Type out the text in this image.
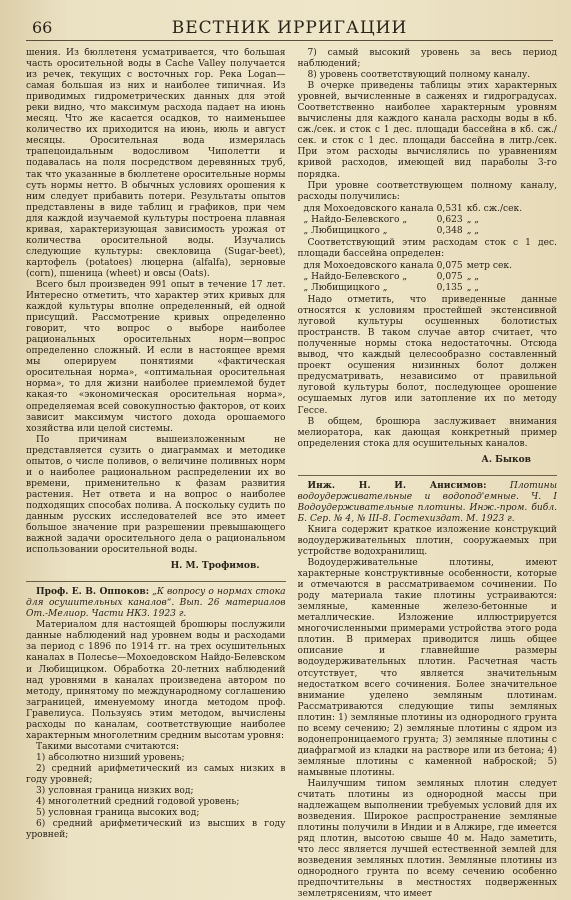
66	ВЕСТНИК ИРРИГАЦИИ

шения. Из бюллетеня усматривается, что большая часть оросительной воды в Cache Valley получается из речек, текущих с восточных гор. Река Logan—самая большая из них и наиболее типичная. Из приводимых гидрометрических данных для этой реки видно, что максимум расхода падает на июнь месяц. Что же касается осадков, то наименьшее количество их приходится на июнь, июль и август месяцы. Оросительная вода измерялась трапецоидальным водосливом Чиполетти и подавалась на поля посредством деревянных труб, так что указанные в бюллетене оросительные нормы суть нормы нетто. В обычных условиях орошения к ним следует прибавить потери. Результаты опытов представлены в виде таблиц и графиков, при чем для каждой изучаемой культуры построена плавная кривая, характеризующая зависимость урожая от количества оросительной воды. Изучались следующие культуры: свекловица (Sugar-beet), картофель (potatoes) люцерна (alfalfa), зерновые (corn), пшеница (wheet) и овсы (Oats).

Всего был произведен 991 опыт в течение 17 лет. Интересно отметить, что характер этих кривых для каждой культуры вполне определенный, ей одной присущий. Рассмотрение кривых определенно говорит, что вопрос о выборе наиболее рациональных оросительных норм—вопрос определенно сложный. И если в настоящее время мы оперируем понятиями «фактическая оросительная норма», «оптимальная оросительная норма», то для жизни наиболее приемлемой будет какая-то «экономическая оросительная норма», определяемая всей совокупностью факторов, от коих зависит максимум чистого дохода орошаемого хозяйства или целой системы.

По причинам вышеизложенным не представляется сузить о диаграммах и методике опытов, о числе поливов, о величине поливных норм и о наиболее рациональном распределении их во времени, применительно к фазам развития растения. Нет ответа и на вопрос о наиболее подходящих способах полива. А поскольку судить по данным русских исследователей все это имеет большое значение при разрешении превышающего важной задачи оросительного дела о рациональном использовании оросительной воды.

Н. М. Трофимов.

Проф. Е. В. Оппоков: „К вопросу о нормах стока для осушительных каналов“. Вып. 26 материалов От.-Мелиор. Части НКЗ. 1923 г.

Материалом для настоящей брошюры послужили данные наблюдений над уровнем воды и расходами за период с 1896 по 1914 гг. на трех осушительных каналах в Полесье—Мохоедовском Найдо-Белевском и Любищицком. Обработка 20-летних наблюдений над уровнями в каналах произведена автором по методу, принятому по международному соглашению заграницей, именуемому иногда методом проф. Гравелиуса. Пользуясь этим методом, вычислены расходы по каналам, соответствующие наиболее характерным многолетним средним высотам уровня:

Такими высотами считаются:

1) абсолютно низший уровень;
2) средний арифметический из самых низких в году уровней;
3) условная граница низких вод;
4) многолетний средний годовой уровень;
5) условная граница высоких вод;
6) средний арифметический из высших в году уровней;
7) самый высокий уровень за весь период наблюдений;
8) уровень соответствующий полному каналу.

В очерке приведены таблицы этих характерных уровней, вычисленные в саженях и гидроградусах. Соответственно наиболее характерным уровням вычислены для каждого канала расходы воды в кб. сж./сек. и сток с 1 дес. площади бассейна в кб. сж./сек. и сток с 1 дес. площади бассейна в литр./сек. При этом расходы вычислялись по уравнениям кривой расходов, имеющей вид параболы 3-го порядка.

При уровне соответствующем полному каналу, расходы получились:

для Мохоедовского канала	0,531	кб. сж./сек.
„ Найдо-Белевского „	0,623	„ „
„ Любищицкого „	0,348	„ „

Соответствующий этим расходам сток с 1 дес. площади бассейна определен:

для Мохоедовского канала	0,075	метр сек.
„ Найдо-Белевского „	0,075	„ „
„ Любищицкого „	0,135	„ „

Надо отметить, что приведенные данные относятся к условиям простейшей экстенсивной луговой культуры осушенных болотистых пространств. В таком случае автор считает, что полученные нормы стока недостаточны. Отсюда вывод, что каждый целесообразно составленный проект осушения низинных болот должен предусматривать, независимо от правильной луговой культуры болот, последующее орошение осушаемых лугов или затопление их по методу Гессе.

В общем, брошюра заслуживает внимания мелиоратора, как дающая конкретный пример определения стока для осушительных каналов.

А. Быков

Инж. Н. И. Анисимов:	Плотины водоудерживательные и водопод'емные. Ч. I Водоудерживательные плотины. Инж.-пром. библ. Б. Сер. № 4, № III-8. Гостехиздат. М. 1923 г.

Книга содержит краткое изложение конструкций водоудерживательных плотин, сооружаемых при устройстве водохранилищ.

Водоудерживательные плотины, имеют характерные конструктивные особенности, которые и отмечаются в рассматриваемом сочинении. По роду материала такие плотины устраиваются: земляные, каменные железо-бетонные и металлические. Изложение иллюстрируется многочисленными примерами устройства этого рода плотин. В примерах приводится лишь общее описание и главнейшие размеры водоудерживательных плотин. Расчетная часть отсутствует, что является значительным недостатком всего сочинения. Более значительное внимание уделено земляным плотинам. Рассматриваются следующие типы земляных плотин: 1) земляные плотины из однородного грунта по всему сечению; 2) земляные плотины с ядром из водонепроницаемого грунта; 3) земляные плотины с диафрагмой из кладки на растворе или из бетона; 4) земляные плотины с каменной наброской; 5) намывные плотины.

Наилучшим типом земляных плотин следует считать плотины из однородной массы при надлежащем выполнении требуемых условий для их возведения. Широкое распространение земляные плотины получили в Индии и в Алжире, где имеется ряд плотин, высотою свыше 40 м. Надо заметить, что лесс является лучшей естественной землей для возведения земляных плотин. Земляные плотины из однородного грунта по всему сечению особенно предпочтительны в местностях подверженных землетрясениям, что имеет
